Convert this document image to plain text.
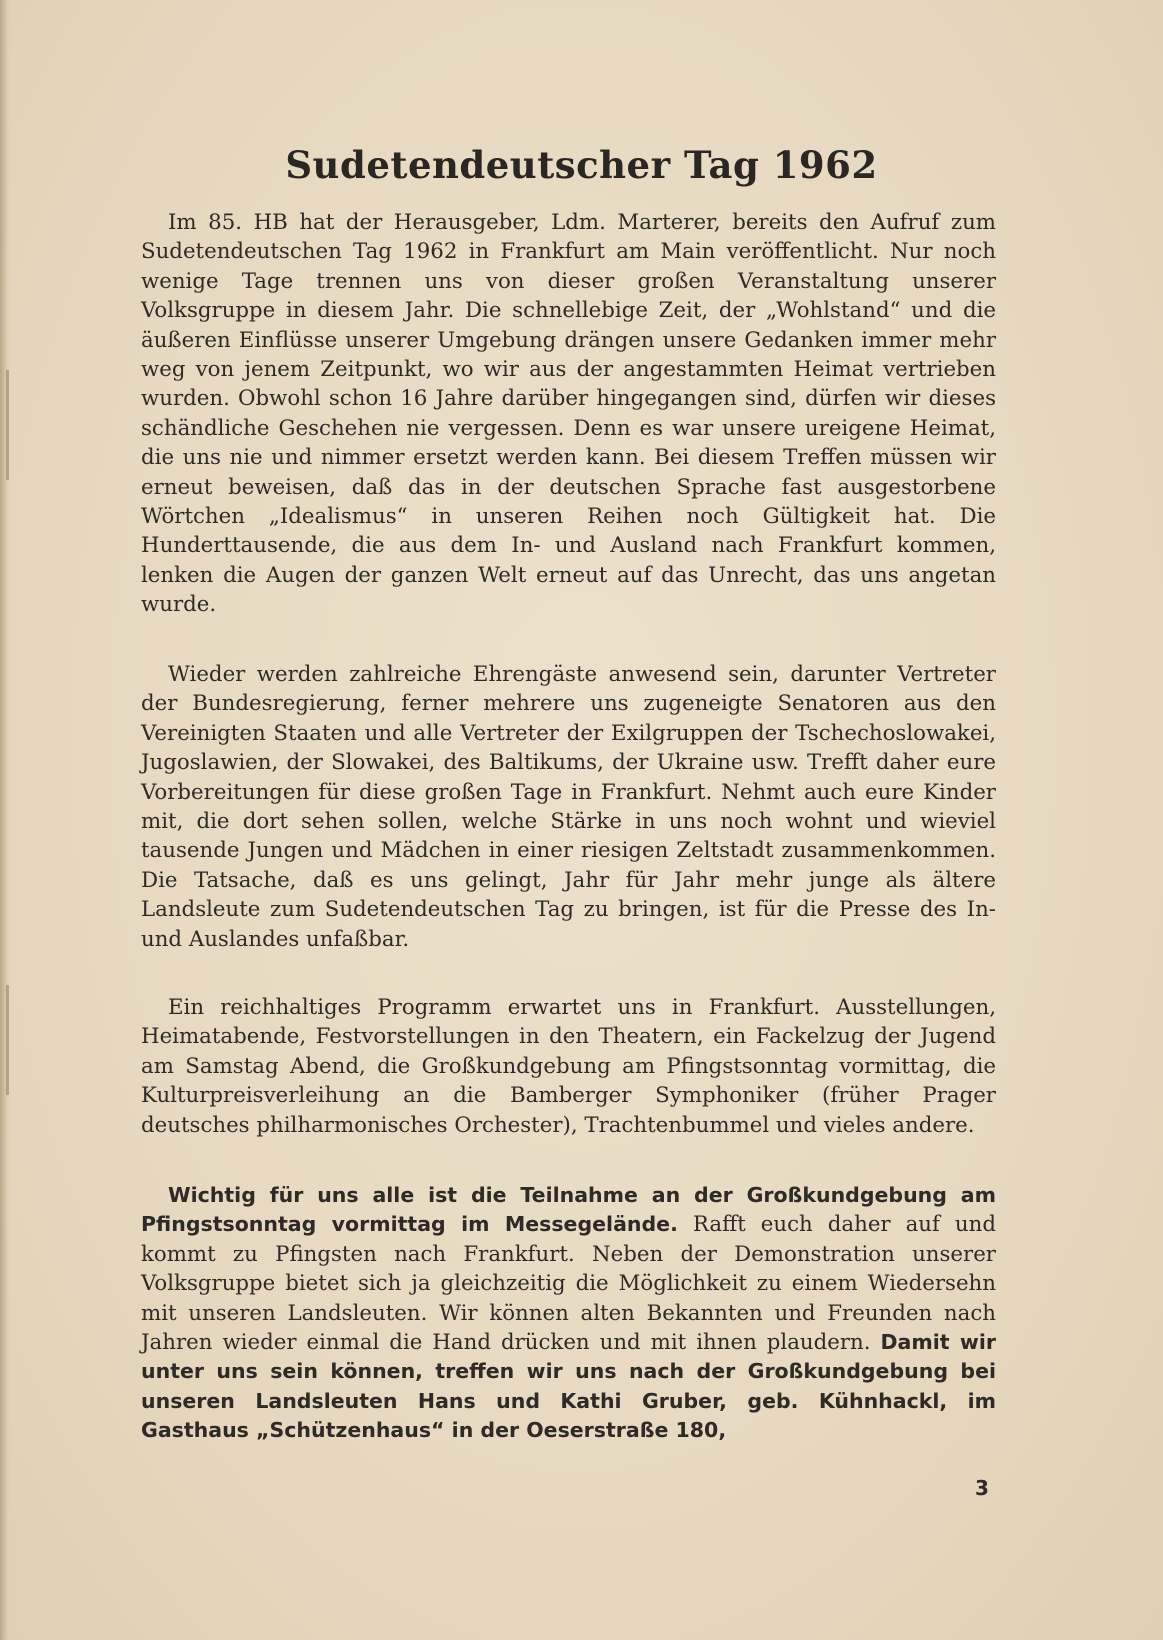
Sudetendeutscher Tag 1962

Im 85. HB hat der Herausgeber, Ldm. Marterer, bereits den Aufruf zum Sudetendeutschen Tag 1962 in Frankfurt am Main veröffentlicht. Nur noch wenige Tage trennen uns von dieser großen Veranstaltung unserer Volksgruppe in diesem Jahr. Die schnellebige Zeit, der „Wohlstand“ und die äußeren Einflüsse unserer Umgebung drängen unsere Gedanken immer mehr weg von jenem Zeitpunkt, wo wir aus der angestammten Heimat vertrieben wurden. Obwohl schon 16 Jahre darüber hingegangen sind, dürfen wir dieses schändliche Geschehen nie vergessen. Denn es war unsere ureigene Heimat, die uns nie und nimmer ersetzt werden kann. Bei diesem Treffen müssen wir erneut beweisen, daß das in der deutschen Sprache fast ausgestorbene Wörtchen „Idealismus“ in unseren Reihen noch Gültigkeit hat. Die Hunderttausende, die aus dem In- und Ausland nach Frankfurt kommen, lenken die Augen der ganzen Welt erneut auf das Unrecht, das uns angetan wurde.

Wieder werden zahlreiche Ehrengäste anwesend sein, darunter Vertreter der Bundesregierung, ferner mehrere uns zugeneigte Senatoren aus den Vereinigten Staaten und alle Vertreter der Exilgruppen der Tschechoslowakei, Jugoslawien, der Slowakei, des Baltikums, der Ukraine usw. Trefft daher eure Vorbereitungen für diese großen Tage in Frankfurt. Nehmt auch eure Kinder mit, die dort sehen sollen, welche Stärke in uns noch wohnt und wieviel tausende Jungen und Mädchen in einer riesigen Zeltstadt zusammenkommen. Die Tatsache, daß es uns gelingt, Jahr für Jahr mehr junge als ältere Landsleute zum Sudetendeutschen Tag zu bringen, ist für die Presse des In- und Auslandes unfaßbar.

Ein reichhaltiges Programm erwartet uns in Frankfurt. Ausstellungen, Heimatabende, Festvorstellungen in den Theatern, ein Fackelzug der Jugend am Samstag Abend, die Großkundgebung am Pfingstsonntag vormittag, die Kulturpreisverleihung an die Bamberger Symphoniker (früher Prager deutsches philharmonisches Orchester), Trachtenbummel und vieles andere.

Wichtig für uns alle ist die Teilnahme an der Großkundgebung am Pfingstsonntag vormittag im Messegelände. Rafft euch daher auf und kommt zu Pfingsten nach Frankfurt. Neben der Demonstration unserer Volksgruppe bietet sich ja gleichzeitig die Möglichkeit zu einem Wiedersehn mit unseren Landsleuten. Wir können alten Bekannten und Freunden nach Jahren wieder einmal die Hand drücken und mit ihnen plaudern. Damit wir unter uns sein können, treffen wir uns nach der Großkundgebung bei unseren Landsleuten Hans und Kathi Gruber, geb. Kühnhackl, im Gasthaus „Schützenhaus“ in der Oeserstraße 180,

3
